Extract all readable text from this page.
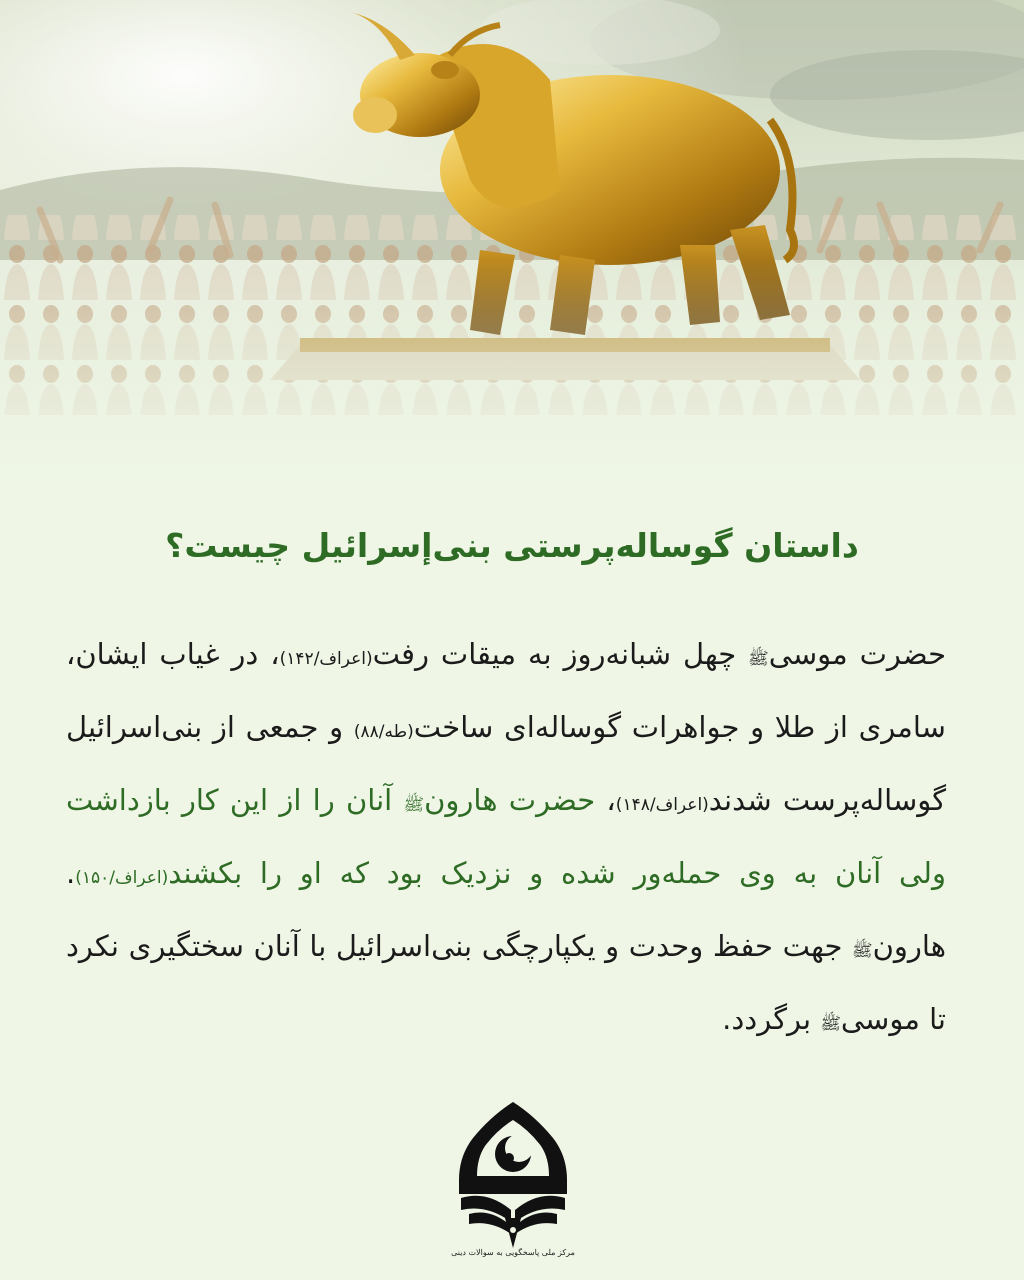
داستان گوساله‌پرستی بنی‌إسرائیل چیست؟
حضرت موسیﷺ چهل شبانه‌روز به میقات رفت(اعراف/۱۴۲)، در غیاب ایشان، سامری از طلا و جواهرات گوساله‌ای ساخت(طه/۸۸) و جمعی از بنی‌اسرائیل گوساله‌پرست شدند(اعراف/۱۴۸)، حضرت هارونﷺ آنان را از این کار بازداشت ولی آنان به وی حمله‌ور شده و نزدیک بود که او را بکشند(اعراف/۱۵۰). هارونﷺ جهت حفظ وحدت و یکپارچگی بنی‌اسرائیل با آنان سختگیری نکرد تا موسیﷺ برگردد.
مرکز ملی پاسخگویی به سوالات دینی
